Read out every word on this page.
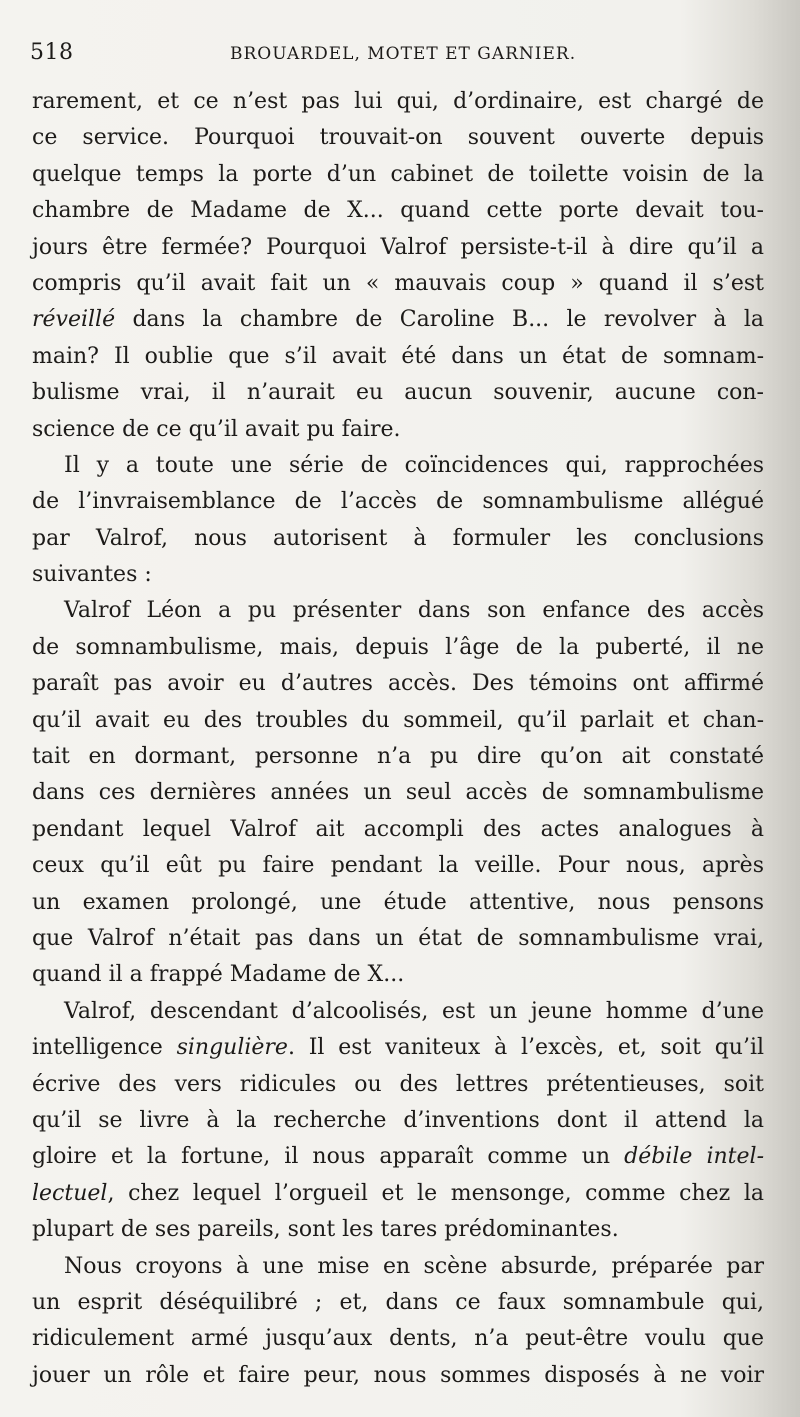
518	BROUARDEL, MOTET ET GARNIER.
rarement, et ce n’est pas lui qui, d’ordinaire, est chargé de
ce service. Pourquoi trouvait-on souvent ouverte depuis
quelque temps la porte d’un cabinet de toilette voisin de la
chambre de Madame de X... quand cette porte devait tou-
jours être fermée? Pourquoi Valrof persiste-t-il à dire qu’il a
compris qu’il avait fait un « mauvais coup » quand il s’est
réveillé dans la chambre de Caroline B... le revolver à la
main? Il oublie que s’il avait été dans un état de somnam-
bulisme vrai, il n’aurait eu aucun souvenir, aucune con-
science de ce qu’il avait pu faire.
Il y a toute une série de coïncidences qui, rapprochées
de l’invraisemblance de l’accès de somnambulisme allégué
par Valrof, nous autorisent à formuler les conclusions
suivantes :
Valrof Léon a pu présenter dans son enfance des accès
de somnambulisme, mais, depuis l’âge de la puberté, il ne
paraît pas avoir eu d’autres accès. Des témoins ont affirmé
qu’il avait eu des troubles du sommeil, qu’il parlait et chan-
tait en dormant, personne n’a pu dire qu’on ait constaté
dans ces dernières années un seul accès de somnambulisme
pendant lequel Valrof ait accompli des actes analogues à
ceux qu’il eût pu faire pendant la veille. Pour nous, après
un examen prolongé, une étude attentive, nous pensons
que Valrof n’était pas dans un état de somnambulisme vrai,
quand il a frappé Madame de X...
Valrof, descendant d’alcoolisés, est un jeune homme d’une
intelligence singulière. Il est vaniteux à l’excès, et, soit qu’il
écrive des vers ridicules ou des lettres prétentieuses, soit
qu’il se livre à la recherche d’inventions dont il attend la
gloire et la fortune, il nous apparaît comme un débile intel-
lectuel, chez lequel l’orgueil et le mensonge, comme chez la
plupart de ses pareils, sont les tares prédominantes.
Nous croyons à une mise en scène absurde, préparée par
un esprit déséquilibré ; et, dans ce faux somnambule qui,
ridiculement armé jusqu’aux dents, n’a peut-être voulu que
jouer un rôle et faire peur, nous sommes disposés à ne voir
